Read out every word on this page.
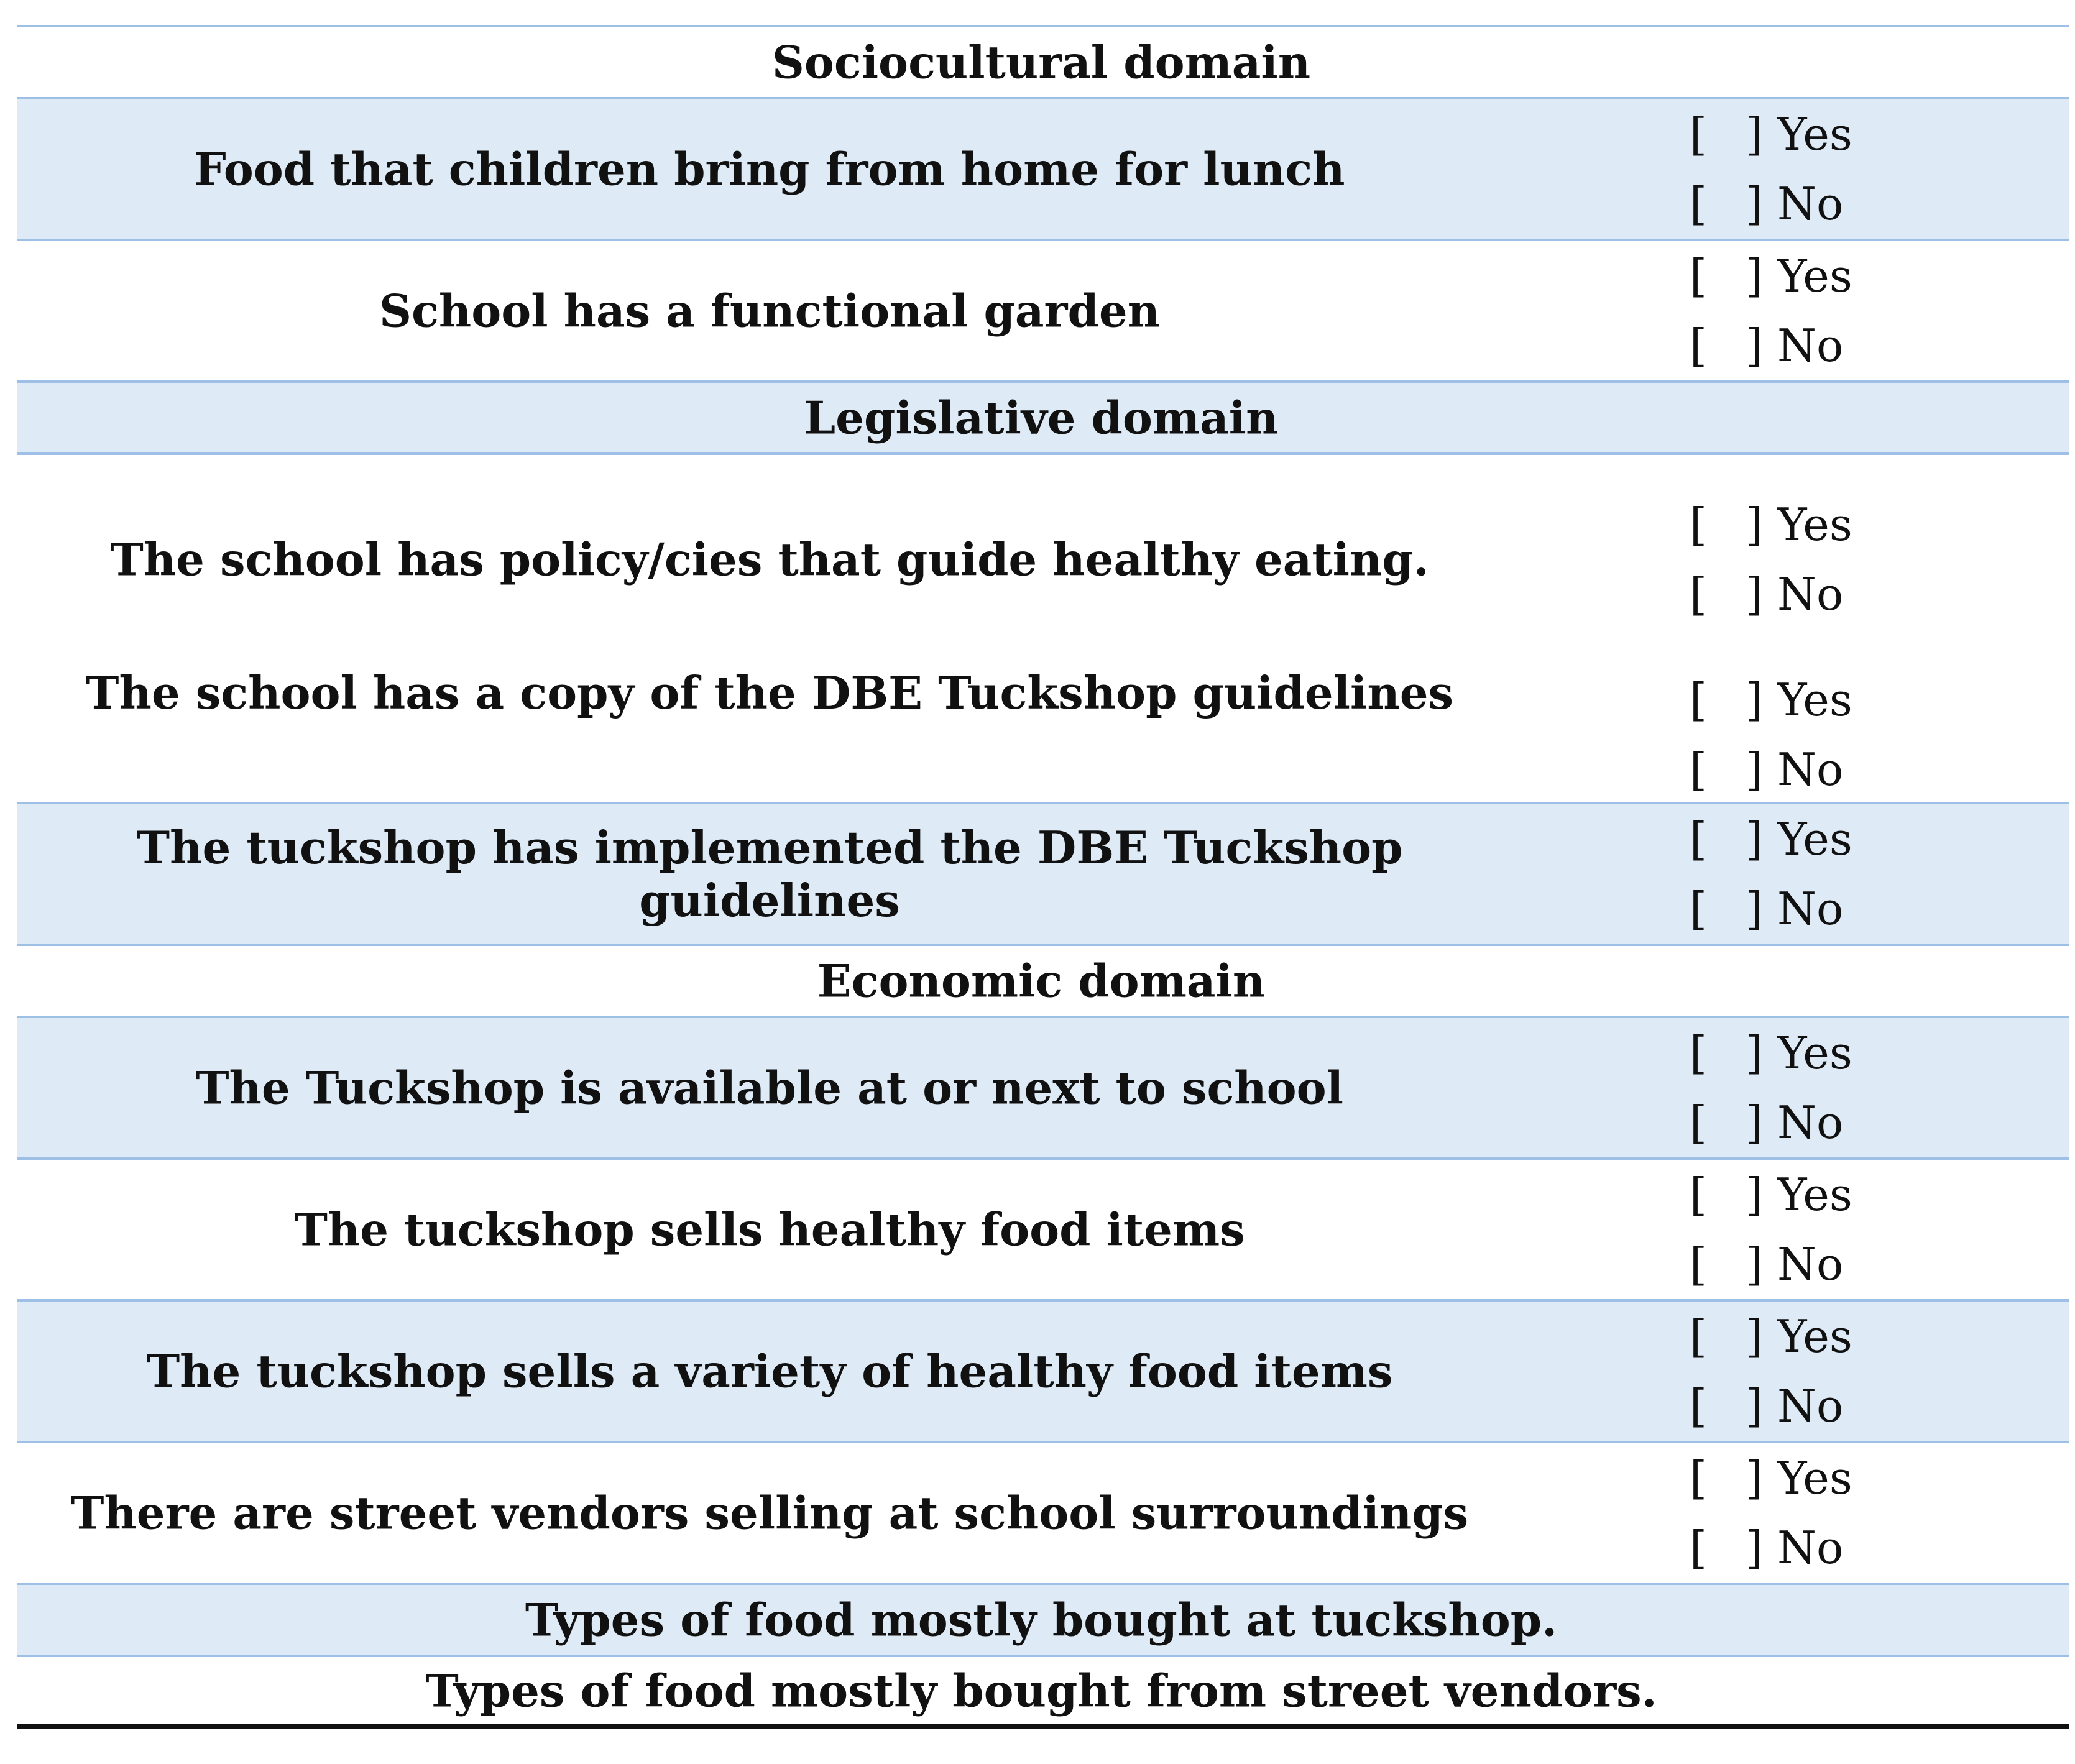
Sociocultural domain
Food that children bring from home for lunch
[ ] Yes
[ ] No
School has a functional garden
[ ] Yes
[ ] No
Legislative domain
The school has policy/cies that guide healthy eating.
[ ] Yes
[ ] No
The school has a copy of the DBE Tuckshop guidelines	[ ] Yes
[ ] No
The tuckshop has implemented the DBE Tuckshop guidelines
[ ] Yes
[ ] No
Economic domain
The Tuckshop is available at or next to school
[ ] Yes
[ ] No
The tuckshop sells healthy food items
[ ] Yes
[ ] No
The tuckshop sells a variety of healthy food items
[ ] Yes
[ ] No
There are street vendors selling at school surroundings
[ ] Yes
[ ] No
Types of food mostly bought at tuckshop.
Types of food mostly bought from street vendors.
